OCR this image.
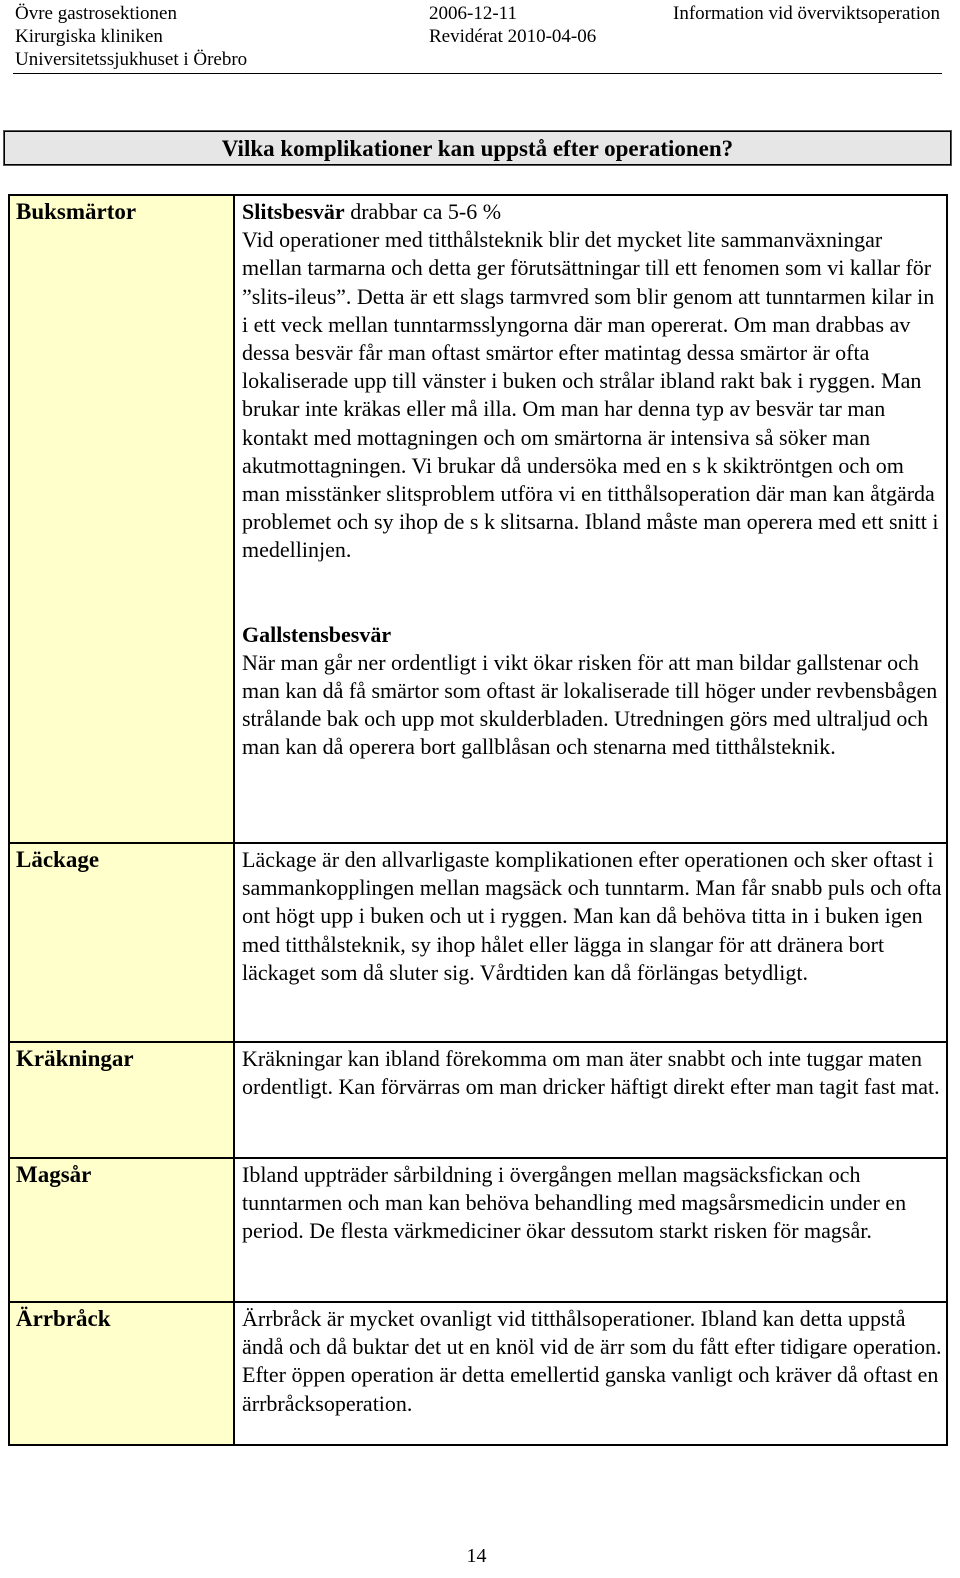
Övre gastrosektionen
Kirurgiska kliniken
Universitetssjukhuset i Örebro
2006-12-11
Revidérat 2010-04-06
Information vid överviktsoperation
Vilka komplikationer kan uppstå efter operationen?
Buksmärtor	Slitsbesvär drabbar ca 5-6 %

Vid operationer med titthålsteknik blir det mycket lite sammanväxningar mellan tarmarna och detta ger förutsättningar till ett fenomen som vi kallar för ”slits-ileus”. Detta är ett slags tarmvred som blir genom att tunntarmen kilar in i ett veck mellan tunntarmsslyngorna där man opererat. Om man drabbas av dessa besvär får man oftast smärtor efter matintag dessa smärtor är ofta lokaliserade upp till vänster i buken och strålar ibland rakt bak i ryggen. Man brukar inte kräkas eller må illa. Om man har denna typ av besvär tar man kontakt med mottagningen och om smärtorna är intensiva så söker man akutmottagningen. Vi brukar då undersöka med en s k skiktröntgen och om man misstänker slitsproblem utföra vi en titthålsoperation där man kan åtgärda problemet och sy ihop de s k slitsarna. Ibland måste man operera med ett snitt i medellinjen.

Gallstensbesvär

När man går ner ordentligt i vikt ökar risken för att man bildar gallstenar och man kan då få smärtor som oftast är lokaliserade till höger under revbensbågen strålande bak och upp mot skulderbladen. Utredningen görs med ultraljud och man kan då operera bort gallblåsan och stenarna med titthålsteknik.

Läckage	Läckage är den allvarligaste komplikationen efter operationen och sker oftast i sammankopplingen mellan magsäck och tunntarm. Man får snabb puls och ofta ont högt upp i buken och ut i ryggen. Man kan då behöva titta in i buken igen med titthålsteknik, sy ihop hålet eller lägga in slangar för att dränera bort läckaget som då sluter sig. Vårdtiden kan då förlängas betydligt.

Kräkningar	Kräkningar kan ibland förekomma om man äter snabbt och inte tuggar maten ordentligt. Kan förvärras om man dricker häftigt direkt efter man tagit fast mat.

Magsår	Ibland uppträder sårbildning i övergången mellan magsäcksfickan och tunntarmen och man kan behöva behandling med magsårsmedicin under en period. De flesta värkmediciner ökar dessutom starkt risken för magsår.

Ärrbråck	Ärrbråck är mycket ovanligt vid titthålsoperationer. Ibland kan detta uppstå ändå och då buktar det ut en knöl vid de ärr som du fått efter tidigare operation. Efter öppen operation är detta emellertid ganska vanligt och kräver då oftast en ärrbråcksoperation.

14
